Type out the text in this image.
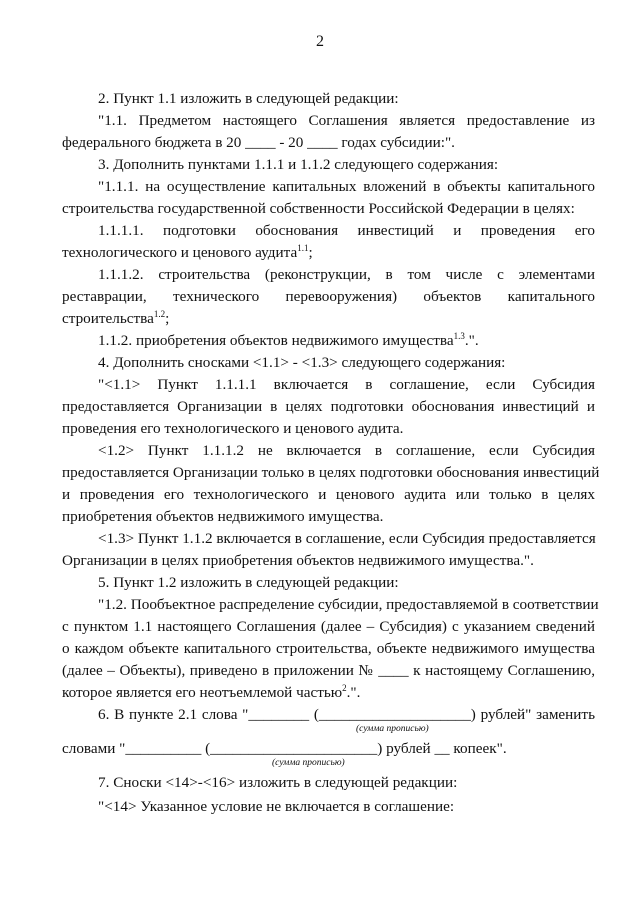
2
2. Пункт 1.1 изложить в следующей редакции:
"1.1. Предметом настоящего Соглашения является предоставление из
федерального бюджета в 20 ____ - 20 ____ годах субсидии:".
3. Дополнить пунктами 1.1.1 и 1.1.2 следующего содержания:
"1.1.1. на осуществление капитальных вложений в объекты капитального
строительства государственной собственности Российской Федерации в целях:
1.1.1.1. подготовки обоснования инвестиций и проведения его
технологического и ценового аудита$^{1.1}$;
1.1.1.2. строительства (реконструкции, в том числе с элементами
реставрации, технического перевооружения) объектов капитального
строительства$^{1.2}$;
1.1.2. приобретения объектов недвижимого имущества$^{1.3}$.".
4. Дополнить сносками <1.1> - <1.3> следующего содержания:
"<1.1> Пункт 1.1.1.1 включается в соглашение, если Субсидия
предоставляется Организации в целях подготовки обоснования инвестиций и
проведения его технологического и ценового аудита.
<1.2> Пункт 1.1.1.2 не включается в соглашение, если Субсидия
предоставляется Организации только в целях подготовки обоснования инвестиций
и проведения его технологического и ценового аудита или только в целях
приобретения объектов недвижимого имущества.
<1.3> Пункт 1.1.2 включается в соглашение, если Субсидия предоставляется
Организации в целях приобретения объектов недвижимого имущества.".
5. Пункт 1.2 изложить в следующей редакции:
"1.2. Пообъектное распределение субсидии, предоставляемой в соответствии
с пунктом 1.1 настоящего Соглашения (далее – Субсидия) с указанием сведений
о каждом объекте капитального строительства, объекте недвижимого имущества
(далее – Объекты), приведено в приложении № ____ к настоящему Соглашению,
которое является его неотъемлемой частью$^2$.".
6. В пункте 2.1 слова "________ (____________________) рублей" заменить
(сумма прописью)
словами "__________ (______________________) рублей __ копеек".
(сумма прописью)
7. Сноски <14>-<16> изложить в следующей редакции:
"<14> Указанное условие не включается в соглашение:
